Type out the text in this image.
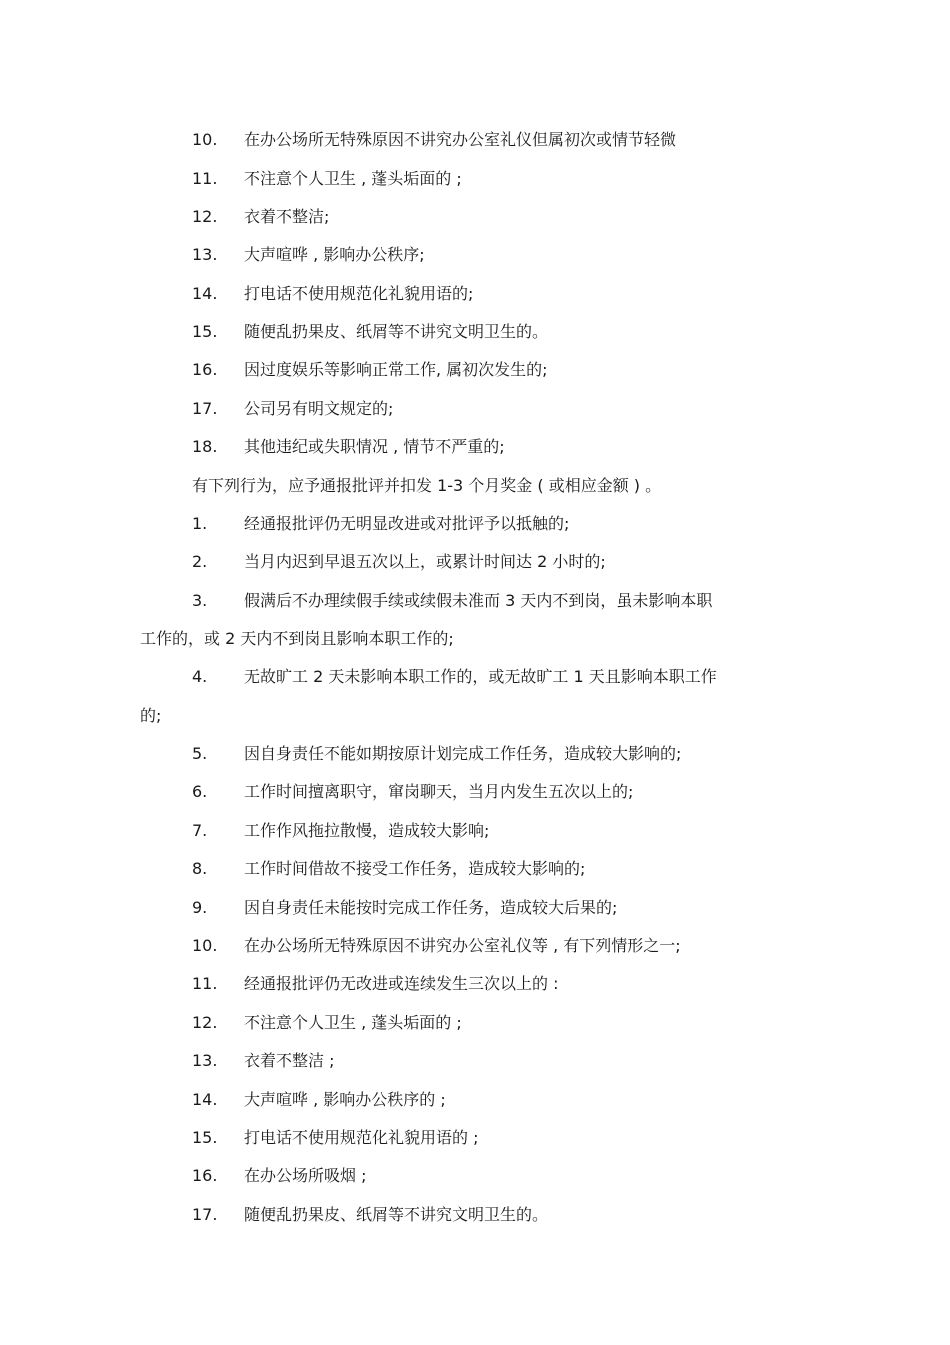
10. 在办公场所无特殊原因不讲究办公室礼仪但属初次或情节轻微
11. 不注意个人卫生 , 蓬头垢面的 ;
12. 衣着不整洁;
13. 大声喧哗 , 影响办公秩序;
14. 打电话不使用规范化礼貌用语的;
15. 随便乱扔果皮、纸屑等不讲究文明卫生的。
16. 因过度娱乐等影响正常工作, 属初次发生的;
17. 公司另有明文规定的;
18. 其他违纪或失职情况 , 情节不严重的;
有下列行为，应予通报批评并扣发 1-3 个月奖金 ( 或相应金额 ) 。
1. 经通报批评仍无明显改进或对批评予以抵触的;
2. 当月内迟到早退五次以上，或累计时间达 2 小时的;
3. 假满后不办理续假手续或续假未准而 3 天内不到岗，虽未影响本职
工作的，或 2 天内不到岗且影响本职工作的;
4. 无故旷工 2 天未影响本职工作的，或无故旷工 1 天且影响本职工作
的;
5. 因自身责任不能如期按原计划完成工作任务，造成较大影响的;
6. 工作时间擅离职守，窜岗聊天，当月内发生五次以上的;
7. 工作作风拖拉散慢，造成较大影响;
8. 工作时间借故不接受工作任务，造成较大影响的;
9. 因自身责任未能按时完成工作任务，造成较大后果的;
10. 在办公场所无特殊原因不讲究办公室礼仪等 , 有下列情形之一;
11. 经通报批评仍无改进或连续发生三次以上的 :
12. 不注意个人卫生 , 蓬头垢面的 ;
13. 衣着不整洁 ;
14. 大声喧哗 , 影响办公秩序的 ;
15. 打电话不使用规范化礼貌用语的 ;
16. 在办公场所吸烟 ;
17. 随便乱扔果皮、纸屑等不讲究文明卫生的。
